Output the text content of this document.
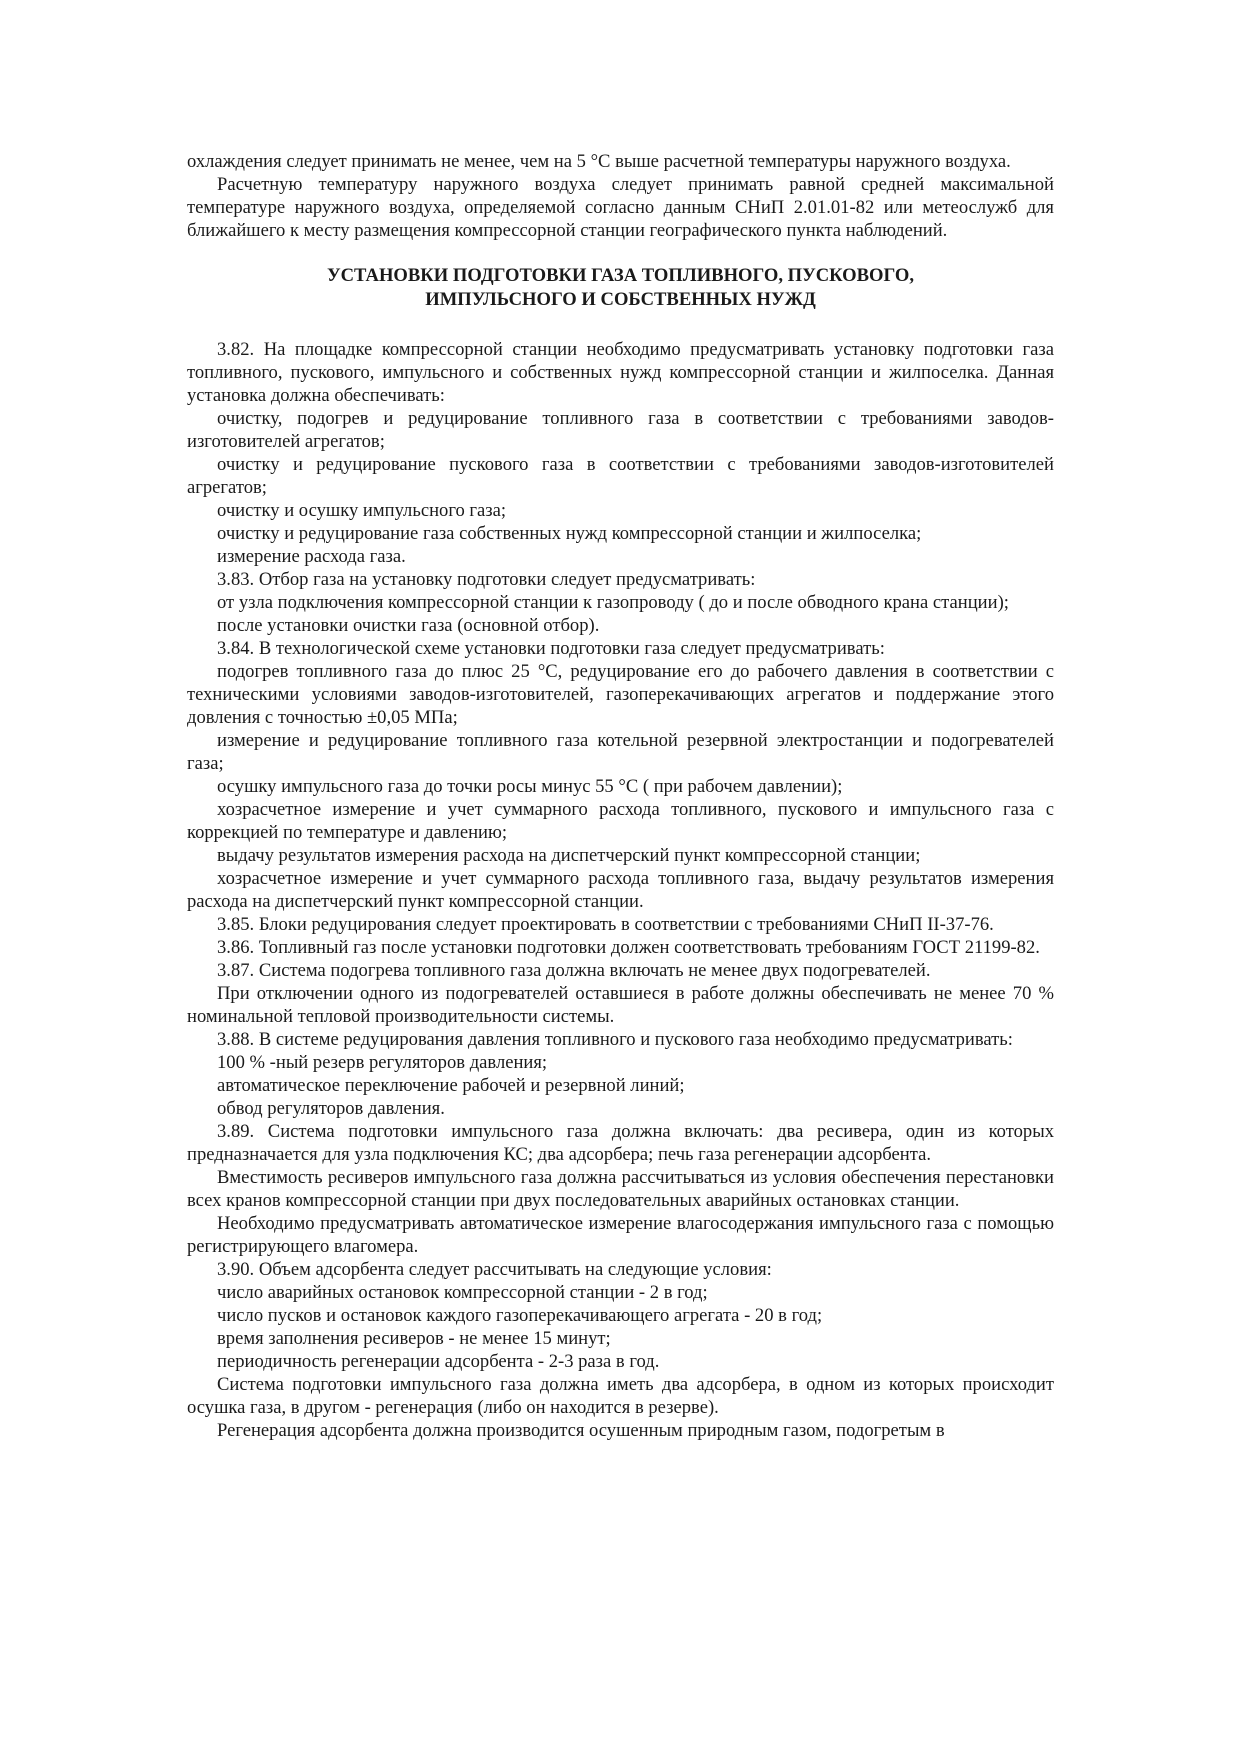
охлаждения следует принимать не менее, чем на 5 °С выше расчетной температуры наружного воздуха.

Расчетную температуру наружного воздуха следует принимать равной средней максимальной температуре наружного воздуха, определяемой согласно данным СНиП 2.01.01-82 или метеослужб для ближайшего к месту размещения компрессорной станции географического пункта наблюдений.

УСТАНОВКИ ПОДГОТОВКИ ГАЗА ТОПЛИВНОГО, ПУСКОВОГО,
ИМПУЛЬСНОГО И СОБСТВЕННЫХ НУЖД

3.82. На площадке компрессорной станции необходимо предусматривать установку подготовки газа топливного, пускового, импульсного и собственных нужд компрессорной станции и жилпоселка. Данная установка должна обеспечивать:

очистку, подогрев и редуцирование топливного газа в соответствии с требованиями заводов-изготовителей агрегатов;

очистку и редуцирование пускового газа в соответствии с требованиями заводов-изготовителей агрегатов;

очистку и осушку импульсного газа;

очистку и редуцирование газа собственных нужд компрессорной станции и жилпоселка;

измерение расхода газа.

3.83. Отбор газа на установку подготовки следует предусматривать:

от узла подключения компрессорной станции к газопроводу ( до и после обводного крана станции);

после установки очистки газа (основной отбор).

3.84. В технологической схеме установки подготовки газа следует предусматривать:

подогрев топливного газа до плюс 25 °С, редуцирование его до рабочего давления в соответствии с техническими условиями заводов-изготовителей, газоперекачивающих агрегатов и поддержание этого довления с точностью ±0,05 МПа;

измерение и редуцирование топливного газа котельной резервной электростанции и подогревателей газа;

осушку импульсного газа до точки росы минус 55 °С ( при рабочем давлении);

хозрасчетное измерение и учет суммарного расхода топливного, пускового и импульсного газа с коррекцией по температуре и давлению;

выдачу результатов измерения расхода на диспетчерский пункт компрессорной станции;

хозрасчетное измерение и учет суммарного расхода топливного газа, выдачу результатов измерения расхода на диспетчерский пункт компрессорной станции.

3.85. Блоки редуцирования следует проектировать в соответствии с требованиями СНиП II-37-76.

3.86. Топливный газ после установки подготовки должен соответствовать требованиям ГОСТ 21199-82.

3.87. Система подогрева топливного газа должна включать не менее двух подогревателей.

При отключении одного из подогревателей оставшиеся в работе должны обеспечивать не менее 70 % номинальной тепловой производительности системы.

3.88. В системе редуцирования давления топливного и пускового газа необходимо предусматривать:

100 % -ный резерв регуляторов давления;

автоматическое переключение рабочей и резервной линий;

обвод регуляторов давления.

3.89. Система подготовки импульсного газа должна включать: два ресивера, один из которых предназначается для узла подключения КС; два адсорбера; печь газа регенерации адсорбента.

Вместимость ресиверов импульсного газа должна рассчитываться из условия обеспечения перестановки всех кранов компрессорной станции при двух последовательных аварийных остановках станции.

Необходимо предусматривать автоматическое измерение влагосодержания импульсного газа с помощью регистрирующего влагомера.

3.90. Объем адсорбента следует рассчитывать на следующие условия:

число аварийных остановок компрессорной станции - 2 в год;

число пусков и остановок каждого газоперекачивающего агрегата - 20 в год;

время заполнения ресиверов - не менее 15 минут;

периодичность регенерации адсорбента - 2-3 раза в год.

Система подготовки импульсного газа должна иметь два адсорбера, в одном из которых происходит осушка газа, в другом - регенерация (либо он находится в резерве).

Регенерация адсорбента должна производится осушенным природным газом, подогретым в
